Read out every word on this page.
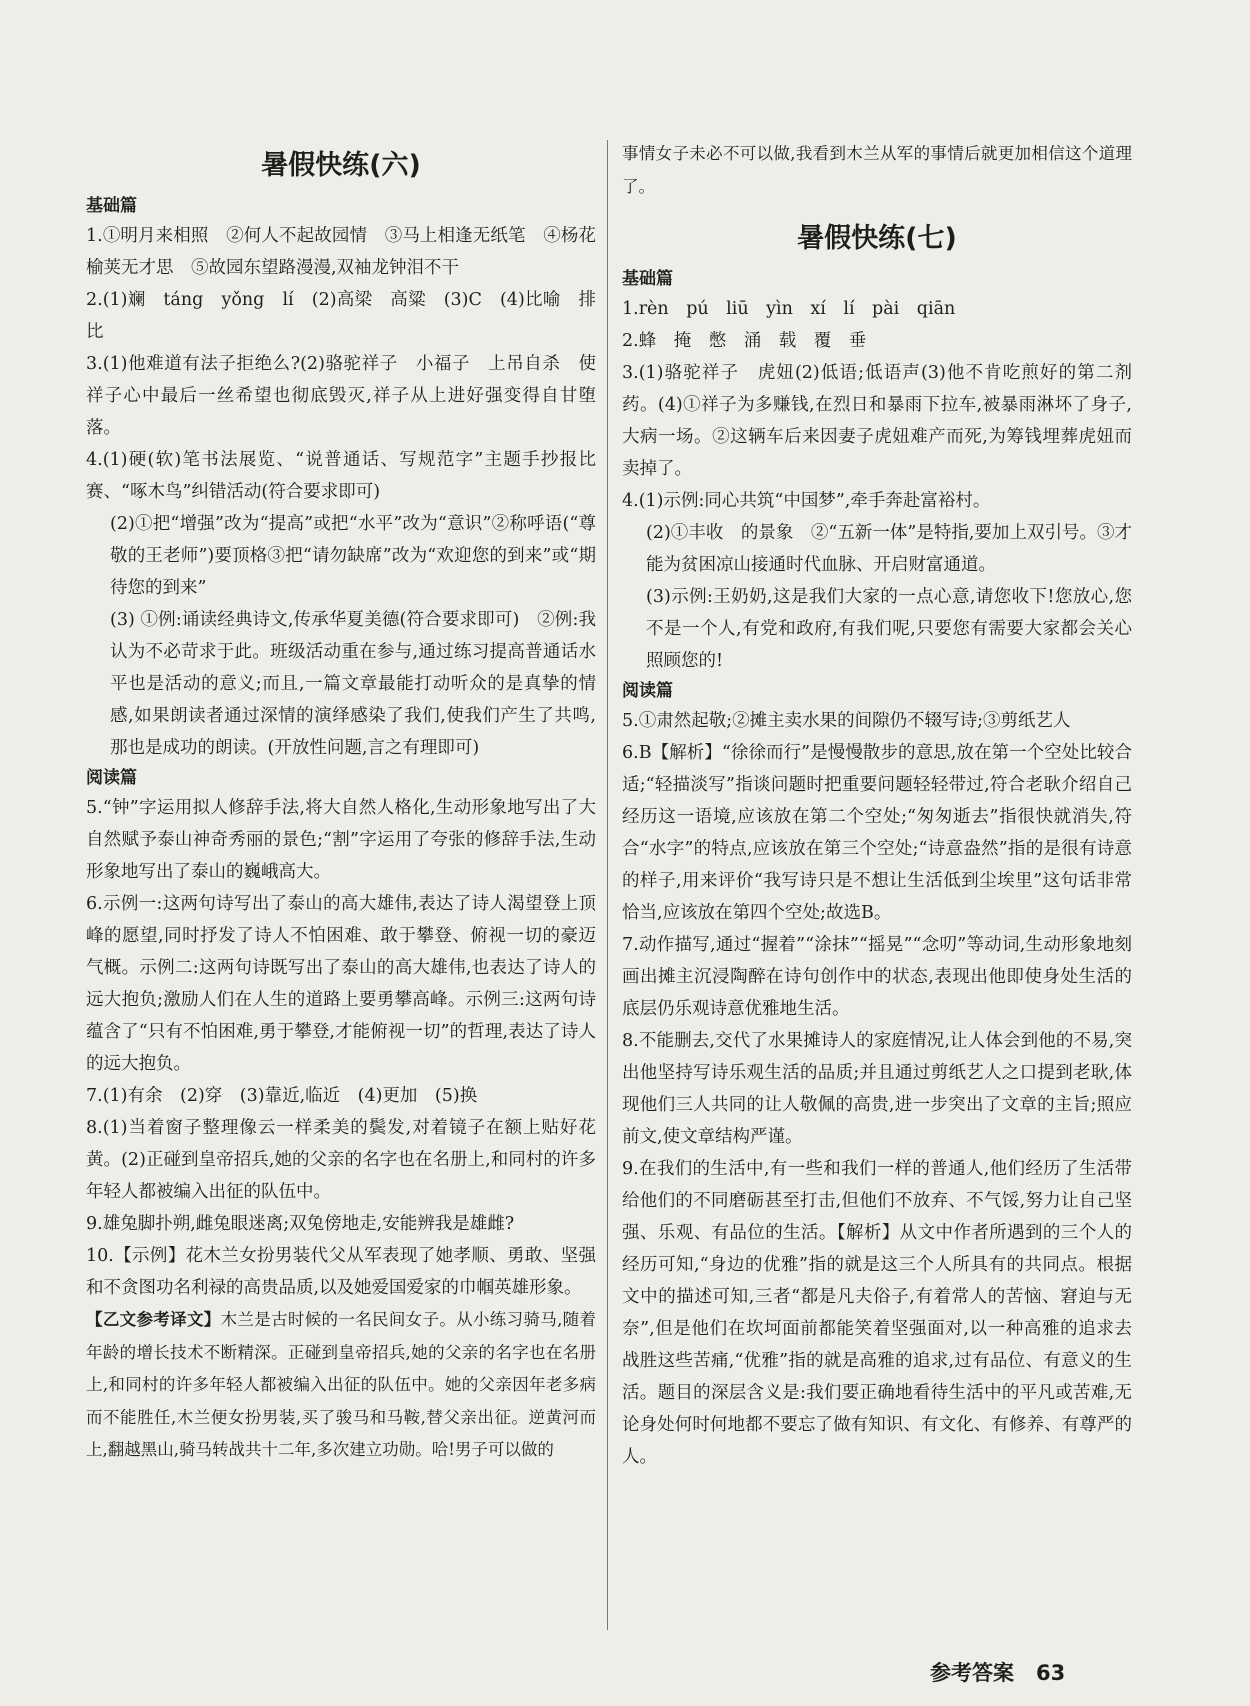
暑假快练(六)
基础篇
1.①明月来相照　②何人不起故园情　③马上相逢无纸笔　④杨花榆荚无才思　⑤故园东望路漫漫,双袖龙钟泪不干
2.(1)斓　táng　yǒng　lí　(2)高梁　高粱　(3)C　(4)比喻　排比
3.(1)他难道有法子拒绝么?(2)骆驼祥子　小福子　上吊自杀　使祥子心中最后一丝希望也彻底毁灭,祥子从上进好强变得自甘堕落。
4.(1)硬(软)笔书法展览、“说普通话、写规范字”主题手抄报比赛、“啄木鸟”纠错活动(符合要求即可)
(2)①把“增强”改为“提高”或把“水平”改为“意识”②称呼语(“尊敬的王老师”)要顶格③把“请勿缺席”改为“欢迎您的到来”或“期待您的到来”
(3) ①例:诵读经典诗文,传承华夏美德(符合要求即可)　②例:我认为不必苛求于此。班级活动重在参与,通过练习提高普通话水平也是活动的意义;而且,一篇文章最能打动听众的是真挚的情感,如果朗读者通过深情的演绎感染了我们,使我们产生了共鸣,那也是成功的朗读。(开放性问题,言之有理即可)
阅读篇
5.“钟”字运用拟人修辞手法,将大自然人格化,生动形象地写出了大自然赋予泰山神奇秀丽的景色;“割”字运用了夸张的修辞手法,生动形象地写出了泰山的巍峨高大。
6.示例一:这两句诗写出了泰山的高大雄伟,表达了诗人渴望登上顶峰的愿望,同时抒发了诗人不怕困难、敢于攀登、俯视一切的豪迈气概。示例二:这两句诗既写出了泰山的高大雄伟,也表达了诗人的远大抱负;激励人们在人生的道路上要勇攀高峰。示例三:这两句诗蕴含了“只有不怕困难,勇于攀登,才能俯视一切”的哲理,表达了诗人的远大抱负。
7.(1)有余　(2)穿　(3)靠近,临近　(4)更加　(5)换
8.(1)当着窗子整理像云一样柔美的鬓发,对着镜子在额上贴好花黄。(2)正碰到皇帝招兵,她的父亲的名字也在名册上,和同村的许多年轻人都被编入出征的队伍中。
9.雄兔脚扑朔,雌兔眼迷离;双兔傍地走,安能辨我是雄雌?
10.【示例】花木兰女扮男装代父从军表现了她孝顺、勇敢、坚强和不贪图功名利禄的高贵品质,以及她爱国爱家的巾帼英雄形象。
【乙文参考译文】木兰是古时候的一名民间女子。从小练习骑马,随着年龄的增长技术不断精深。正碰到皇帝招兵,她的父亲的名字也在名册上,和同村的许多年轻人都被编入出征的队伍中。她的父亲因年老多病而不能胜任,木兰便女扮男装,买了骏马和马鞍,替父亲出征。逆黄河而上,翻越黑山,骑马转战共十二年,多次建立功勋。哈!男子可以做的
事情女子未必不可以做,我看到木兰从军的事情后就更加相信这个道理了。
暑假快练(七)
基础篇
1.rèn　pú　liū　yìn　xí　lí　pài　qiān
2.蜂　掩　憋　涌　载　覆　垂
3.(1)骆驼祥子　虎妞(2)低语;低语声(3)他不肯吃煎好的第二剂药。(4)①祥子为多赚钱,在烈日和暴雨下拉车,被暴雨淋坏了身子,大病一场。②这辆车后来因妻子虎妞难产而死,为筹钱埋葬虎妞而卖掉了。
4.(1)示例:同心共筑“中国梦”,牵手奔赴富裕村。
(2)①丰收　的景象　②“五新一体”是特指,要加上双引号。③才能为贫困凉山接通时代血脉、开启财富通道。
(3)示例:王奶奶,这是我们大家的一点心意,请您收下!您放心,您不是一个人,有党和政府,有我们呢,只要您有需要大家都会关心照顾您的!
阅读篇
5.①肃然起敬;②摊主卖水果的间隙仍不辍写诗;③剪纸艺人
6.B【解析】“徐徐而行”是慢慢散步的意思,放在第一个空处比较合适;“轻描淡写”指谈问题时把重要问题轻轻带过,符合老耿介绍自己经历这一语境,应该放在第二个空处;“匆匆逝去”指很快就消失,符合“水字”的特点,应该放在第三个空处;“诗意盎然”指的是很有诗意的样子,用来评价“我写诗只是不想让生活低到尘埃里”这句话非常恰当,应该放在第四个空处;故选B。
7.动作描写,通过“握着”“涂抹”“摇晃”“念叨”等动词,生动形象地刻画出摊主沉浸陶醉在诗句创作中的状态,表现出他即使身处生活的底层仍乐观诗意优雅地生活。
8.不能删去,交代了水果摊诗人的家庭情况,让人体会到他的不易,突出他坚持写诗乐观生活的品质;并且通过剪纸艺人之口提到老耿,体现他们三人共同的让人敬佩的高贵,进一步突出了文章的主旨;照应前文,使文章结构严谨。
9.在我们的生活中,有一些和我们一样的普通人,他们经历了生活带给他们的不同磨砺甚至打击,但他们不放弃、不气馁,努力让自己坚强、乐观、有品位的生活。【解析】从文中作者所遇到的三个人的经历可知,“身边的优雅”指的就是这三个人所具有的共同点。根据文中的描述可知,三者“都是凡夫俗子,有着常人的苦恼、窘迫与无奈”,但是他们在坎坷面前都能笑着坚强面对,以一种高雅的追求去战胜这些苦痛,“优雅”指的就是高雅的追求,过有品位、有意义的生活。题目的深层含义是:我们要正确地看待生活中的平凡或苦难,无论身处何时何地都不要忘了做有知识、有文化、有修养、有尊严的人。
参考答案 63
